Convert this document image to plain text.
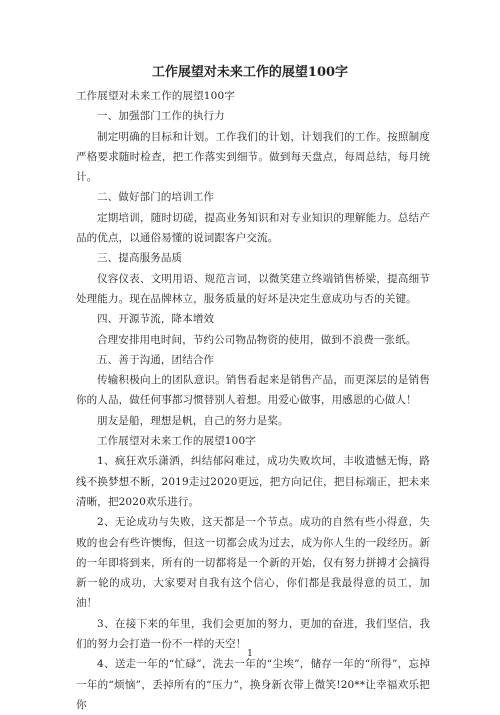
工作展望对未来工作的展望100字

工作展望对未来工作的展望100字

一、加强部门工作的执行力

制定明确的目标和计划。工作我们的计划，计划我们的工作。按照制度严格要求随时检查，把工作落实到细节。做到每天盘点，每周总结，每月统计。

二、做好部门的培训工作

定期培训，随时切磋，提高业务知识和对专业知识的理解能力。总结产品的优点，以通俗易懂的说词跟客户交流。

三、提高服务品质

仪容仪表、文明用语、规范言词，以微笑建立终端销售桥梁，提高细节处理能力。现在品牌林立，服务质量的好坏是决定生意成功与否的关键。

四、开源节流，降本增效

合理安排用电时间，节约公司物品物资的使用，做到不浪费一张纸。

五、善于沟通，团结合作

传输积极向上的团队意识。销售看起来是销售产品，而更深层的是销售你的人品，做任何事都习惯替别人着想。用爱心做事，用感恩的心做人！

朋友是船，理想是帆，自己的努力是桨。

工作展望对未来工作的展望100字

1、疯狂欢乐潇洒，纠结郁闷难过，成功失败坎坷，丰收遗憾无悔，路线不换梦想不断，2019走过2020更远，把方向记住，把目标端正，把未来清晰，把2020欢乐进行。

2、无论成功与失败，这天都是一个节点。成功的自然有些小得意，失败的也会有些许懊悔，但这一切都会成为过去，成为你人生的一段经历。新的一年即将到来，所有的一切都将是一个新的开始，仅有努力拼搏才会摘得新一轮的成功，大家要对自我有这个信心，你们都是我最得意的员工，加油！

3、在接下来的年里，我们会更加的努力，更加的奋进，我们坚信，我们的努力会打造一份不一样的天空！

4、送走一年的“忙碌”，洗去一年的“尘埃”，储存一年的“所得”，忘掉一年的“烦恼”，丢掉所有的“压力”，换身新衣带上微笑!20**让幸福欢乐把你

1
